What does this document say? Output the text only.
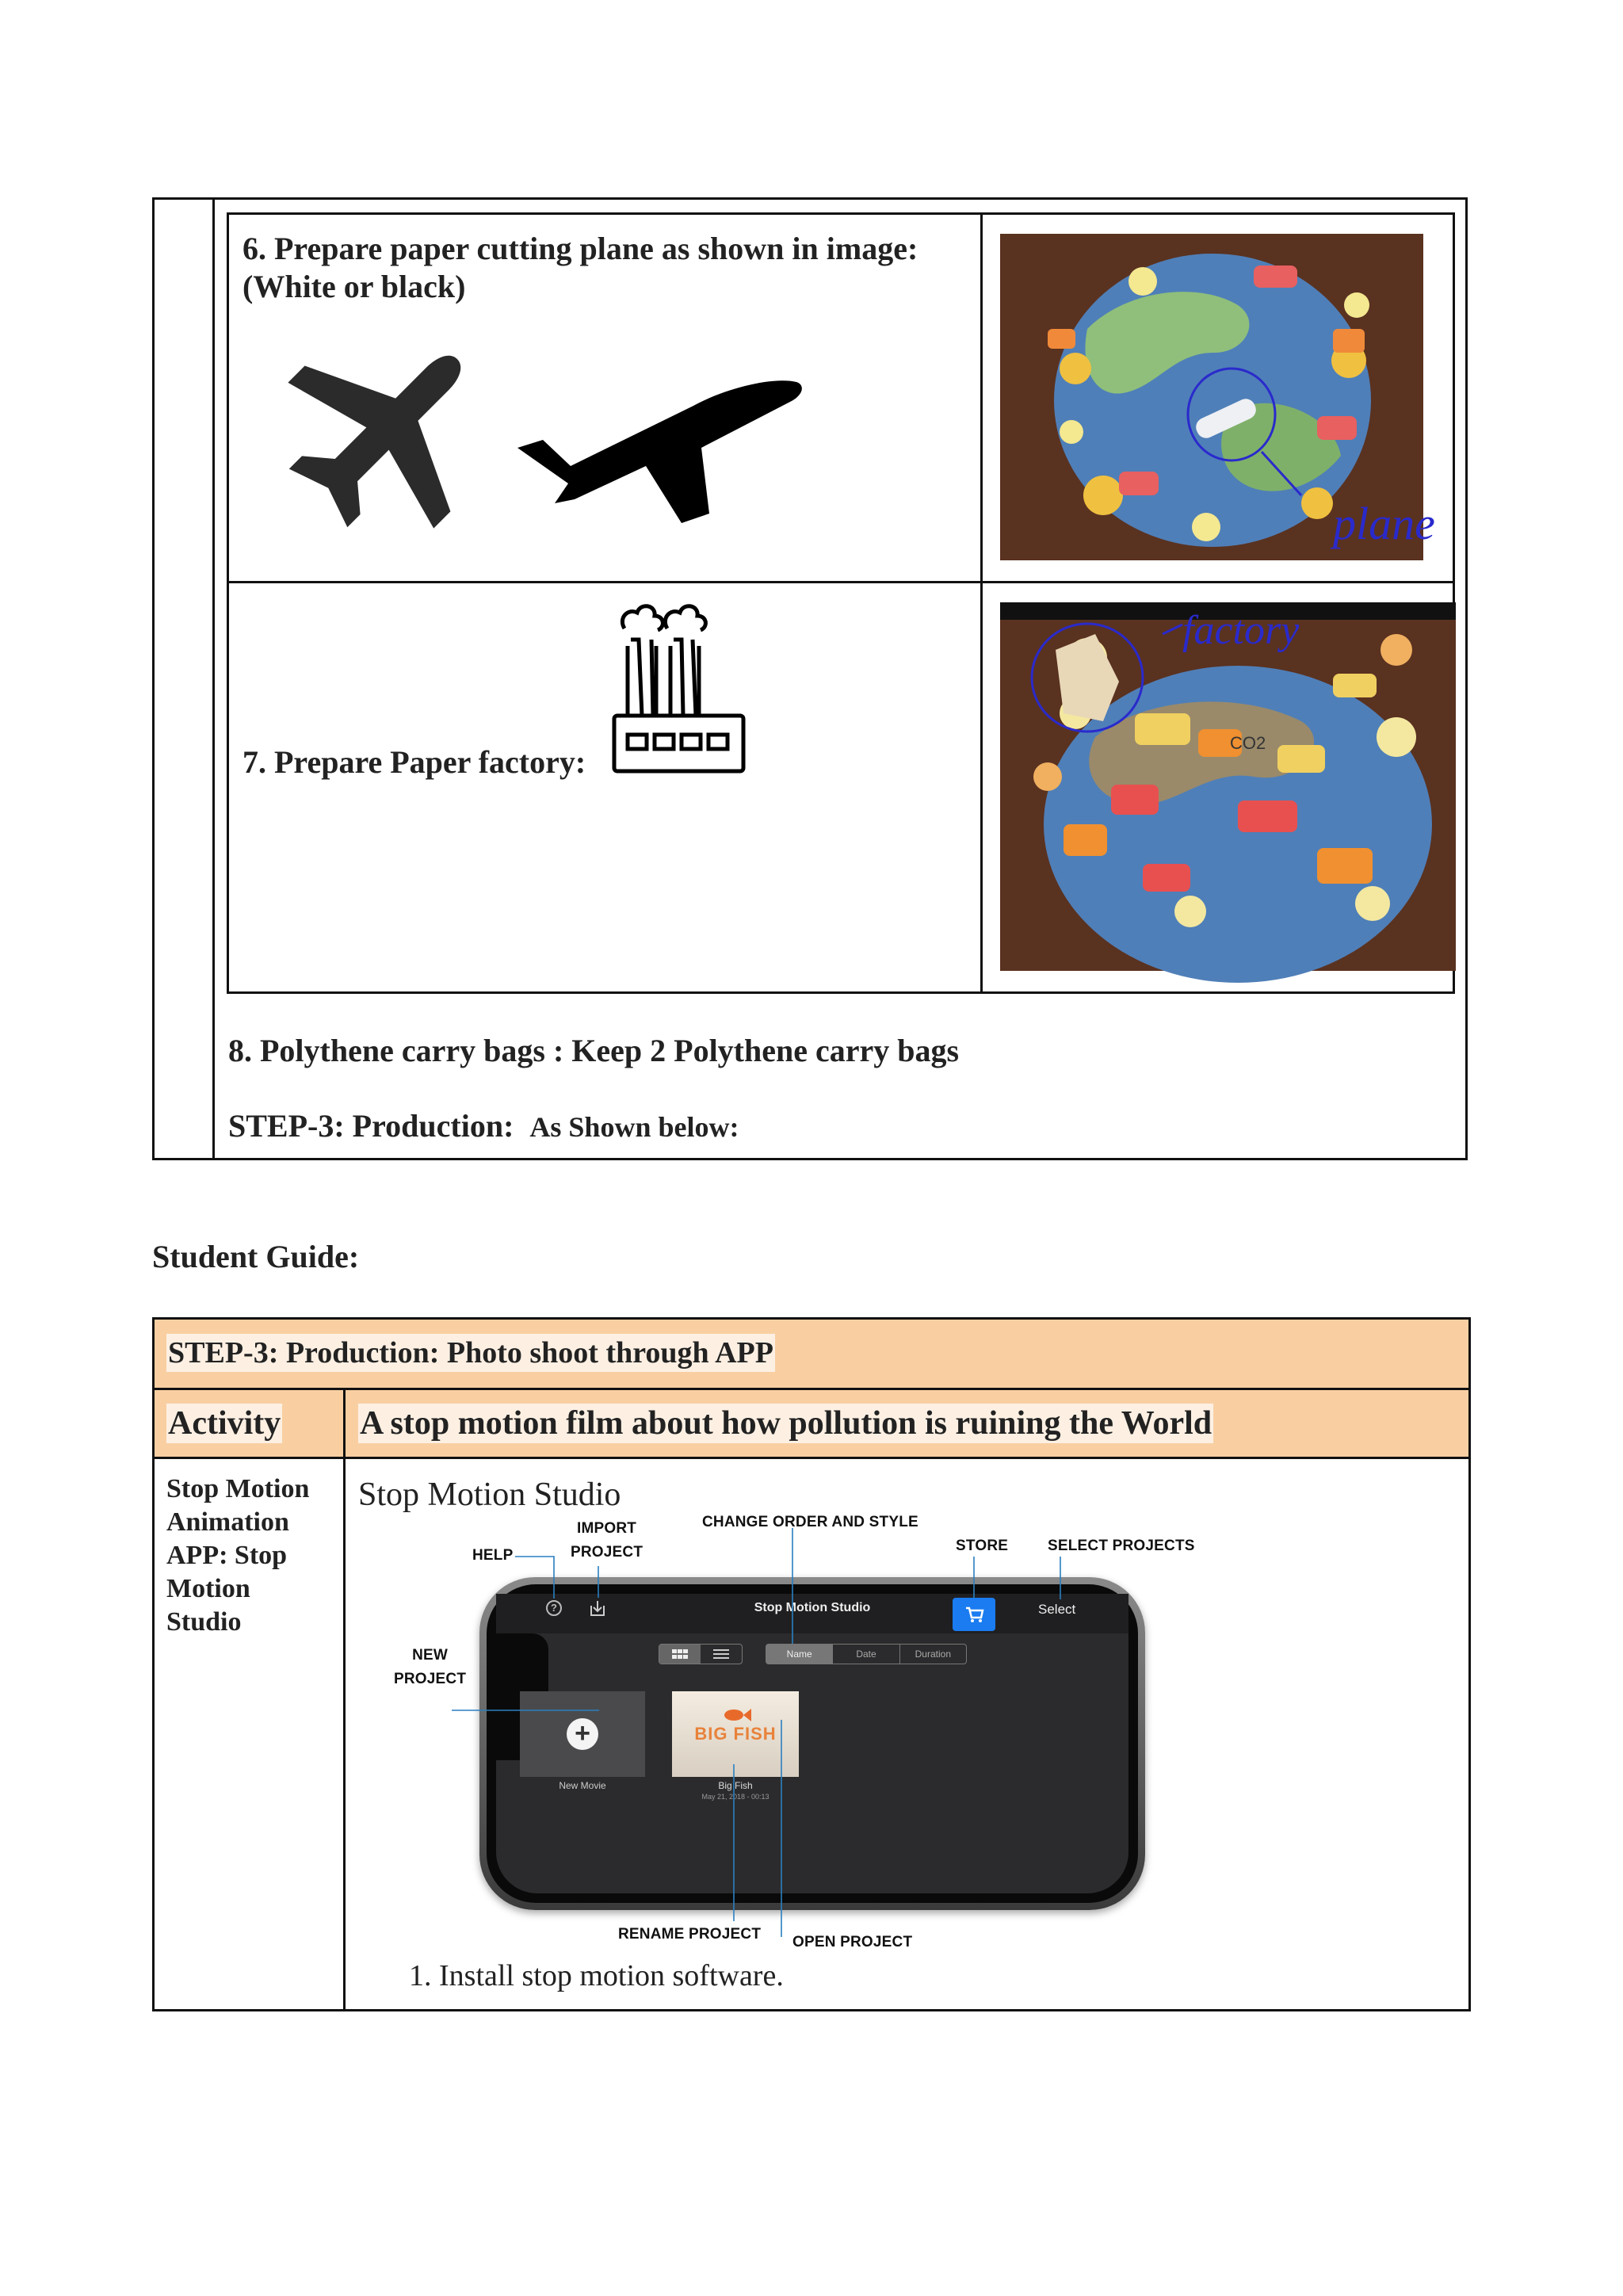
6. Prepare paper cutting plane as shown in image:(White or black)
plane
7. Prepare Paper factory:
factory
CO2
8. Polythene carry bags : Keep 2 Polythene carry bags
STEP-3: Production: As Shown below:
Student Guide:
STEP-3: Production: Photo shoot through APP
Activity A stop motion film about how pollution is ruining the World
Stop Motion
Animation
APP: Stop
Motion
Studio
Stop Motion Studio
HELP
IMPORT
PROJECT
CHANGE ORDER AND STYLE
STORE	SELECT PROJECTS
NEW
PROJECT
RENAME PROJECT OPEN PROJECT
?	Stop Motion Studio	Select
Name	Date	Duration
+
New Movie
BIG FISH
Big Fish
May 21, 2018 - 00:13
1. Install stop motion software.
